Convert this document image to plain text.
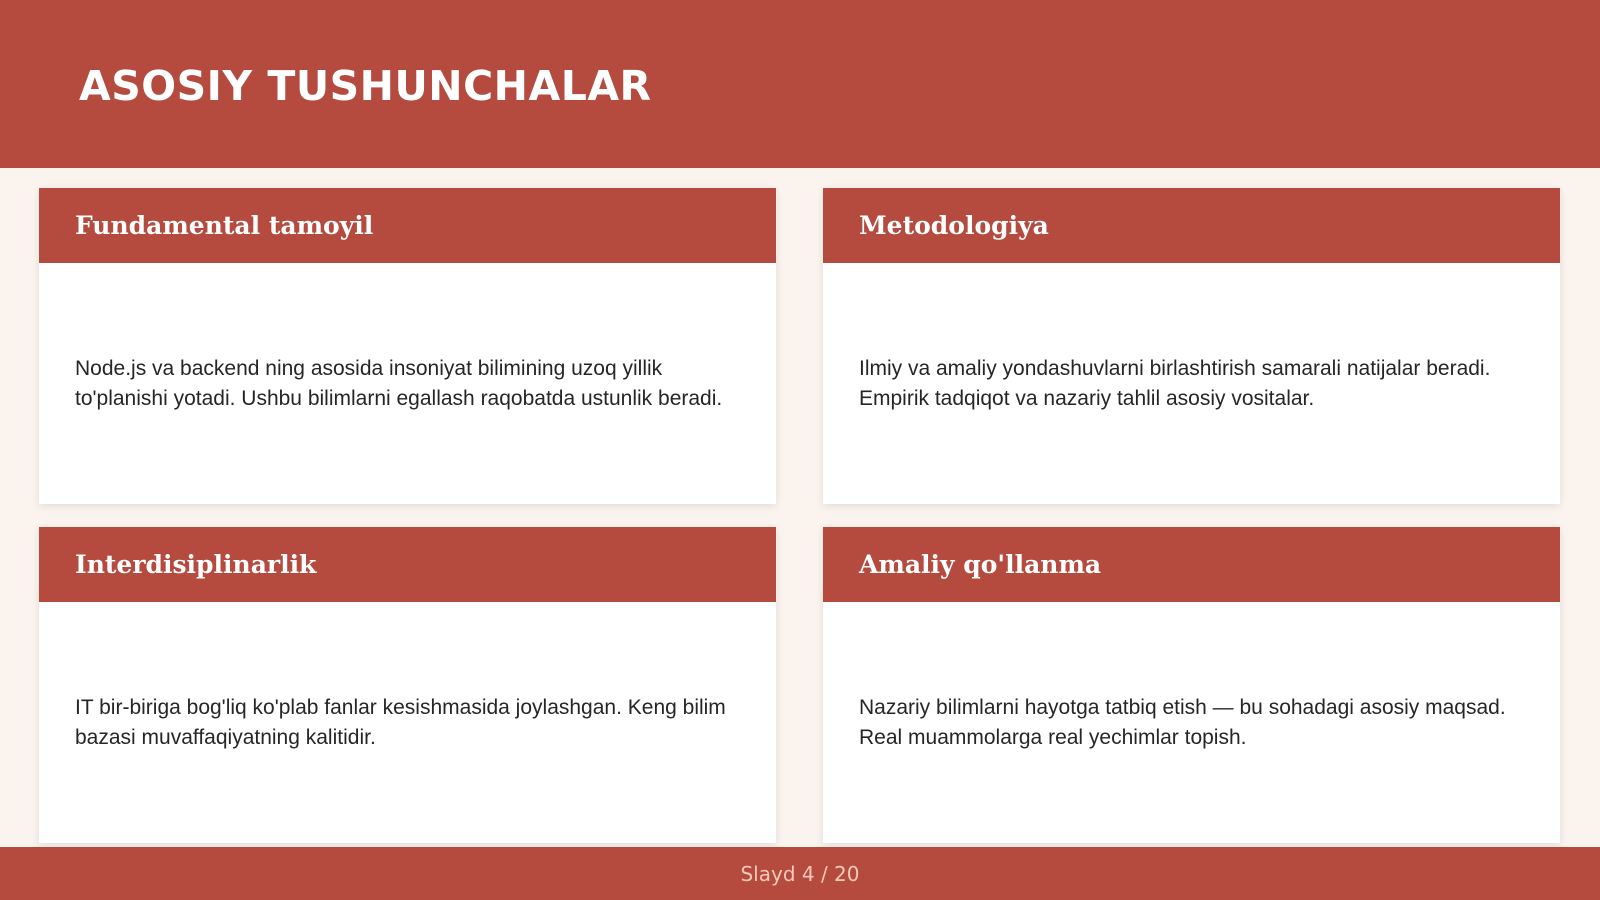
ASOSIY TUSHUNCHALAR
Fundamental tamoyil

Node.js va backend ning asosida insoniyat bilimining uzoq yillik to'planishi yotadi. Ushbu bilimlarni egallash raqobatda ustunlik beradi.

Metodologiya

Ilmiy va amaliy yondashuvlarni birlashtirish samarali natijalar beradi. Empirik tadqiqot va nazariy tahlil asosiy vositalar.

Interdisiplinarlik

IT bir-biriga bog'liq ko'plab fanlar kesishmasida joylashgan. Keng bilim bazasi muvaffaqiyatning kalitidir.

Amaliy qo'llanma

Nazariy bilimlarni hayotga tatbiq etish — bu sohadagi asosiy maqsad. Real muammolarga real yechimlar topish.

Slayd 4 / 20
